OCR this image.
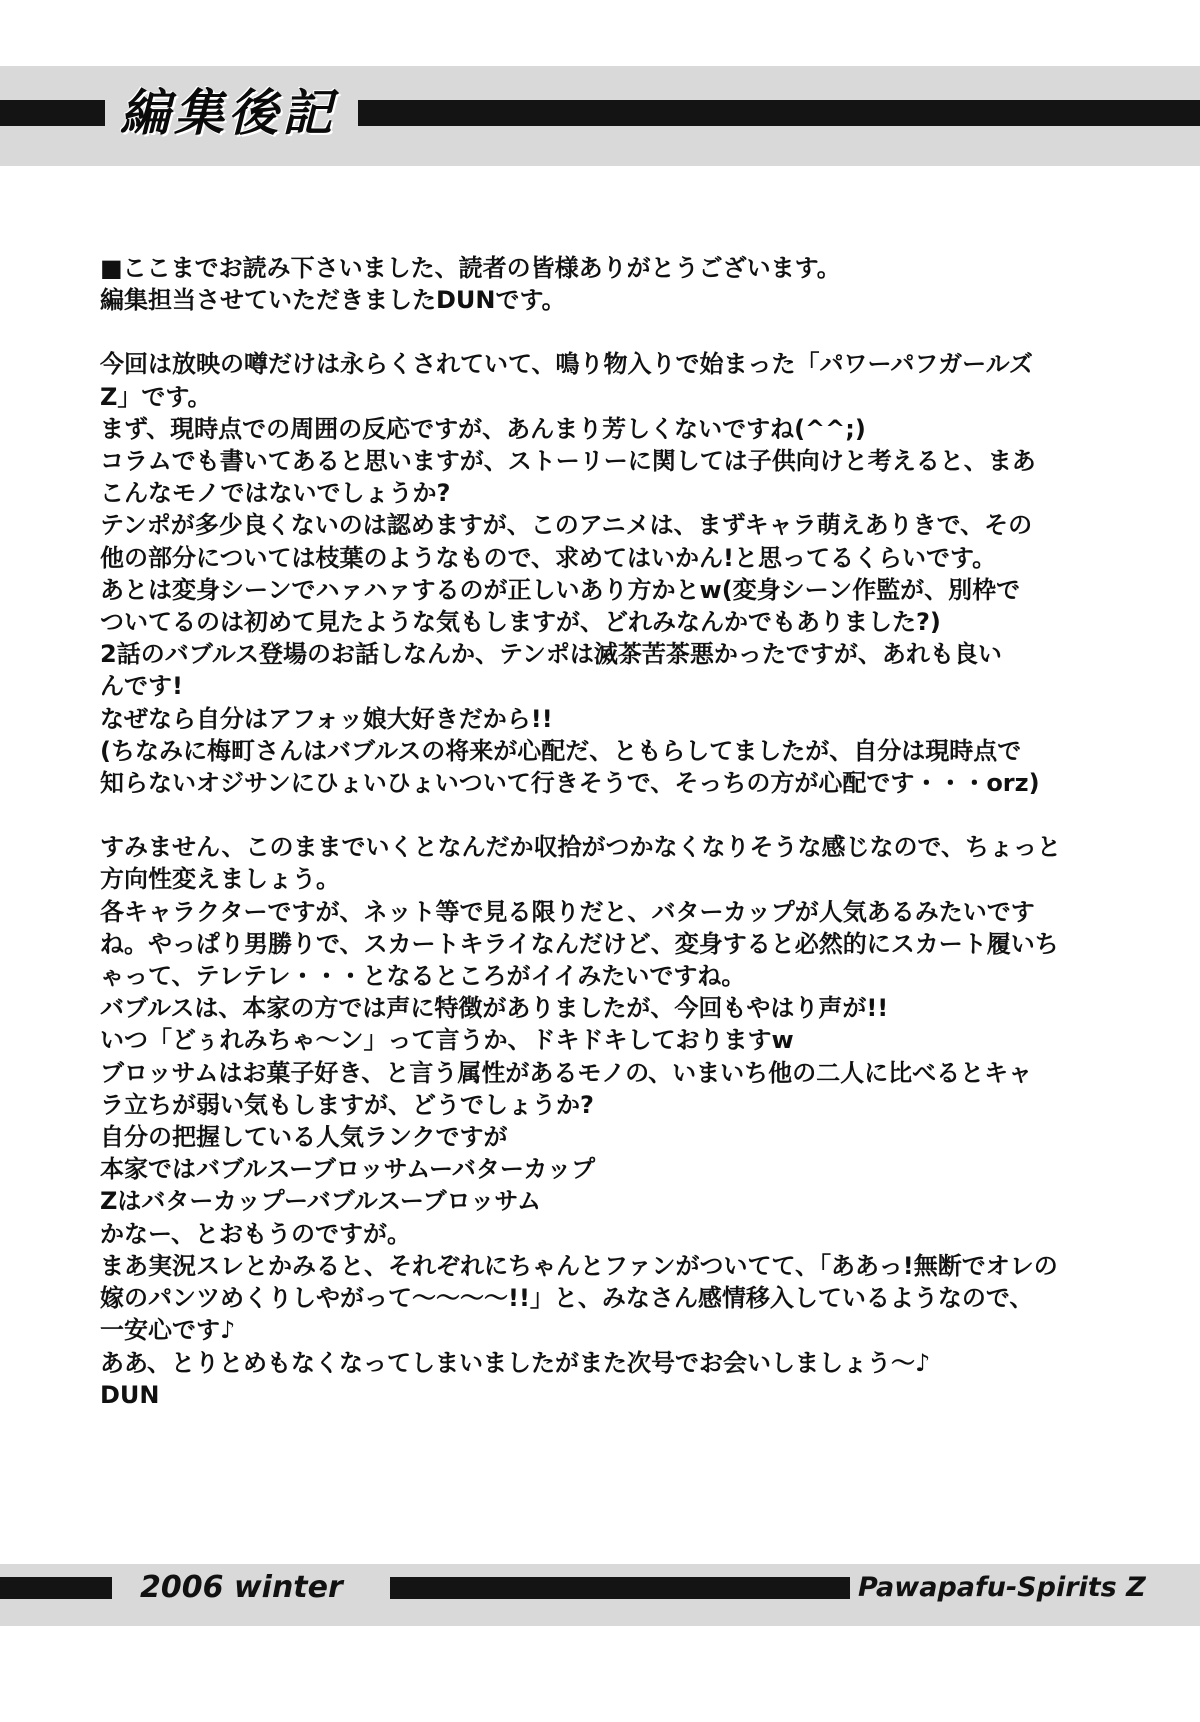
編集後記
■ここまでお読み下さいました、読者の皆様ありがとうございます。
編集担当させていただきましたDUNです。
今回は放映の噂だけは永らくされていて、鳴り物入りで始まった「パワーパフガールズ
Z」です。
まず、現時点での周囲の反応ですが、あんまり芳しくないですね(^^;)
コラムでも書いてあると思いますが、ストーリーに関しては子供向けと考えると、まあ
こんなモノではないでしょうか?
テンポが多少良くないのは認めますが、このアニメは、まずキャラ萌えありきで、その
他の部分については枝葉のようなもので、求めてはいかん!と思ってるくらいです。
あとは変身シーンでハァハァするのが正しいあり方かとw(変身シーン作監が、別枠で
ついてるのは初めて見たような気もしますが、どれみなんかでもありました?)
2話のバブルス登場のお話しなんか、テンポは滅茶苦茶悪かったですが、あれも良い
んです!
なぜなら自分はアフォッ娘大好きだから!!
(ちなみに梅町さんはバブルスの将来が心配だ、ともらしてましたが、自分は現時点で
知らないオジサンにひょいひょいついて行きそうで、そっちの方が心配です・・・orz)
すみません、このままでいくとなんだか収拾がつかなくなりそうな感じなので、ちょっと
方向性変えましょう。
各キャラクターですが、ネット等で見る限りだと、バターカップが人気あるみたいです
ね。やっぱり男勝りで、スカートキライなんだけど、変身すると必然的にスカート履いち
ゃって、テレテレ・・・となるところがイイみたいですね。
バブルスは、本家の方では声に特徴がありましたが、今回もやはり声が!!
いつ「どぅれみちゃ〜ン」って言うか、ドキドキしておりますw
ブロッサムはお菓子好き、と言う属性があるモノの、いまいち他の二人に比べるとキャ
ラ立ちが弱い気もしますが、どうでしょうか?
自分の把握している人気ランクですが
本家ではバブルスーブロッサムーバターカップ
Zはバターカップーバブルスーブロッサム
かなー、とおもうのですが。
まあ実況スレとかみると、それぞれにちゃんとファンがついてて、「ああっ!無断でオレの
嫁のパンツめくりしやがって〜〜〜〜!!」と、みなさん感情移入しているようなので、
一安心です♪
ああ、とりとめもなくなってしまいましたがまた次号でお会いしましょう〜♪
DUN
2006 winter	Pawapafu-Spirits Z
